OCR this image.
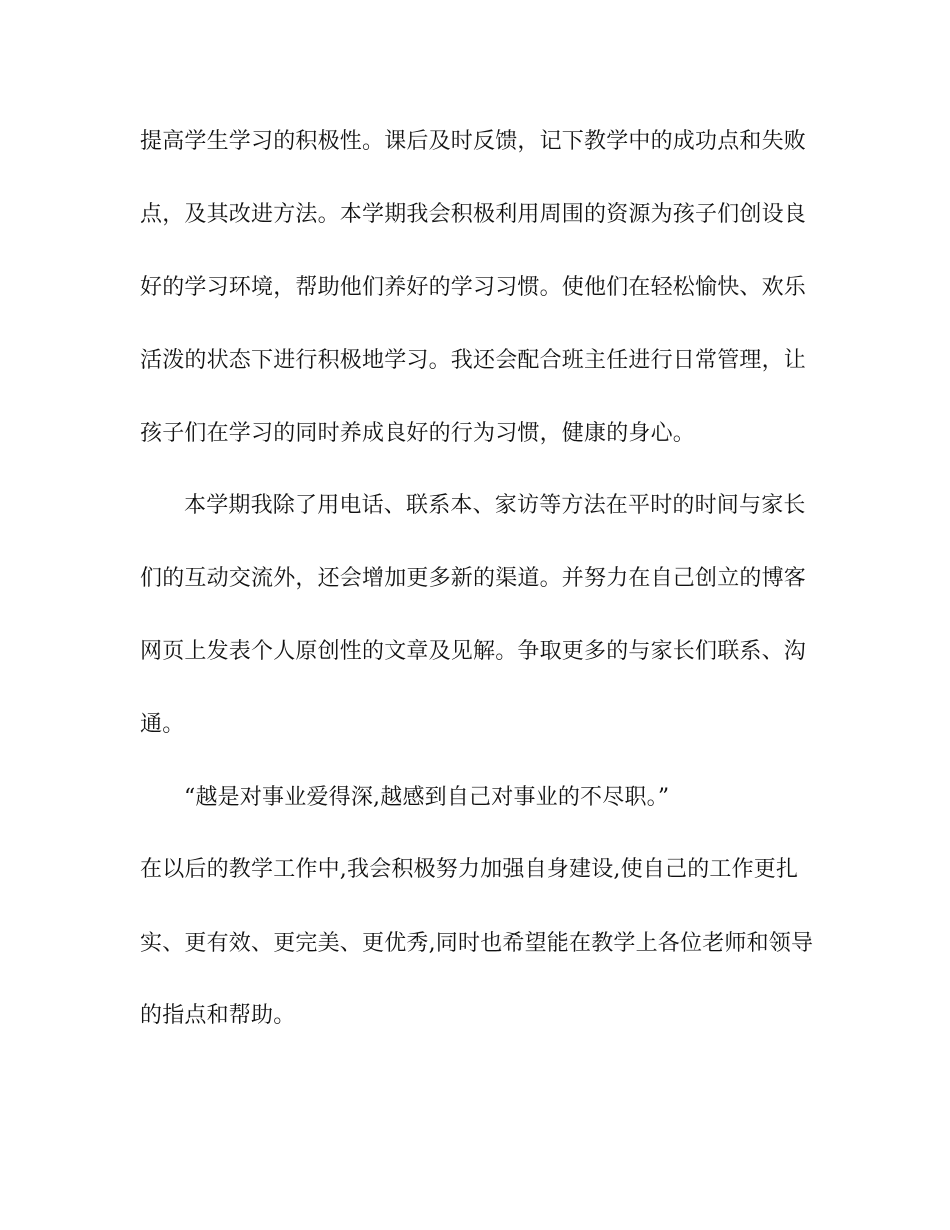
提高学生学习的积极性。课后及时反馈，记下教学中的成功点和失败
点，及其改进方法。本学期我会积极利用周围的资源为孩子们创设良
好的学习环境，帮助他们养好的学习习惯。使他们在轻松愉快、欢乐
活泼的状态下进行积极地学习。我还会配合班主任进行日常管理，让
孩子们在学习的同时养成良好的行为习惯，健康的身心。
本学期我除了用电话、联系本、家访等方法在平时的时间与家长
们的互动交流外，还会增加更多新的渠道。并努力在自己创立的博客
网页上发表个人原创性的文章及见解。争取更多的与家长们联系、沟
通。
“越是对事业爱得深,越感到自己对事业的不尽职。”
在以后的教学工作中,我会积极努力加强自身建设,使自己的工作更扎
实、更有效、更完美、更优秀,同时也希望能在教学上各位老师和领导
的指点和帮助。
